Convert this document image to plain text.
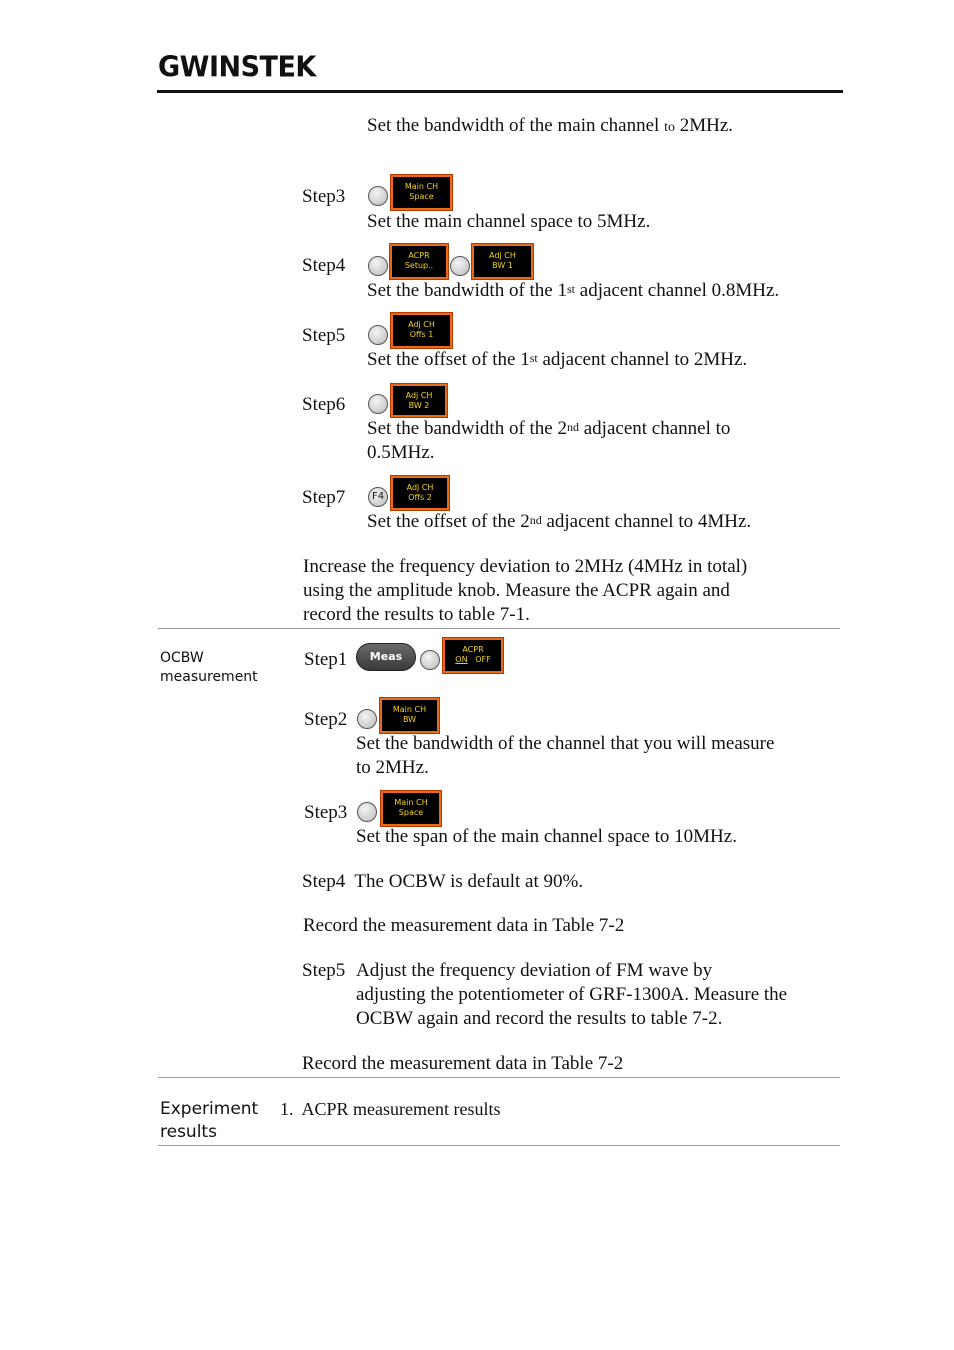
GWINSTEK
Set the bandwidth of the main channel to 2MHz.
Step3	Main CH
Space
Set the main channel space to 5MHz.
Step4	ACPR
Setup..
Adj CH
BW 1
Set the bandwidth of the 1st adjacent channel 0.8MHz.
Step5
Adj CH
Offs 1
Set the offset of the 1st adjacent channel to 2MHz.
Step6	Adj CH
BW 2
Set the bandwidth of the 2nd adjacent channel to
0.5MHz.
Step7	F4
Adj CH
Offs 2
Set the offset of the 2nd adjacent channel to 4MHz.
Increase the frequency deviation to 2MHz (4MHz in total)
using the amplitude knob. Measure the ACPR again and
record the results to table 7-1.
OCBW
measurement
Step1	Meas
ACPR
ON OFF
Step2	Main CH
BW
Set the bandwidth of the channel that you will measure
to 2MHz.
Step3	Main CH
Space
Set the span of the main channel space to 10MHz.
Step4  The OCBW is default at 90%.
Record the measurement data in Table 7-2
Step5 Adjust the frequency deviation of FM wave by
adjusting the potentiometer of GRF-1300A. Measure the
OCBW again and record the results to table 7-2.
Record the measurement data in Table 7-2
Experiment
results
1.  ACPR measurement results
